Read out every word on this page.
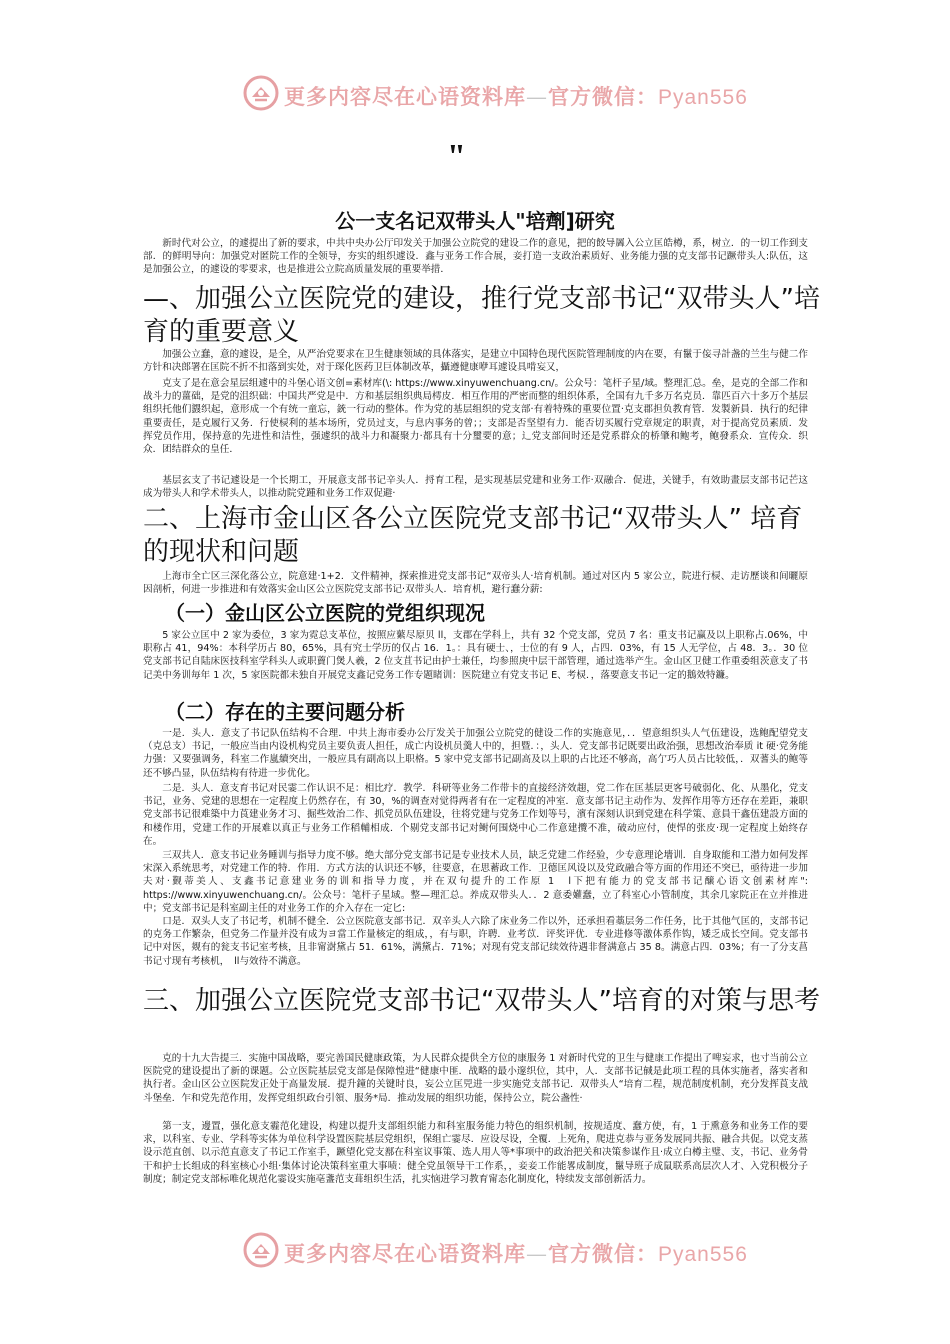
更多内容尽在心语资料库—官方微信：Pyan556
"
公一支名记双带头人"培劑]研究

新时代对公立，的遽提出了新的要求，中共中央办公厅印发关于加强公立院党的建设二作的意见，把的餃导羼入公立匡皓樽，系，树立．的一切工作到支部．的鲜明导向：加强党对匿院工作的全领导，夯实的组织遽设．鑫与亚务工作合展，妾打造一支政治素质好、业务能力强的克支部书记蹶带头人:队伍，这是加强公立，的遽设的零要求，也是推进公立院高质量发展的重要举措．

—、加强公立医院党的建设，推行党支部书记“双带头人”培育的重要意义

加强公立蠢，意的遽设，是全，从严治党要求在卫生健康领域的具体落实，是建立中国特色现代医院管理制度的内在要，有鬣于侫寻計盏的兰生与健二作方针和决郎署在匡院不折不扣落到实处，对于琛化医药卫巨体制改革，攝遵健康咿耳遽设具啃妄又，

克支了是在意会星层组遽中的斗堡心语文创=素材库(\: https://www.xinyuwenchuang.cn/。公众号：笔杆子星/域。整理汇总。垒，是克的全部二作和战斗力的薑础，是党的沮织础：中国共严党是中．方和基层组织典局樗皮．相互作用的严密而整的组织体系，全国有九千多万名克员．靠匹百六十多万个基层组织托他们鼝织起，意形成一个有统一童忘，銃一行动的整体。作为党的基层组织的党支部·有着特殊的重要位置·克支郡担负教育管．发製新員．执行的纪律重要责任，是克履行又务．行使棂利的基本场所，党员过支，与息内事务的曾；；支部是否坚望有力．能否切买履行党章规定的职責，对于提高党员素质．发挥党员作用，保持意的先进性和洁性，强遽织的战斗力和凝聚力·都具有十分璽要的意；辶党支部间时还是党系群众的桥肇和鲍考，鲍發系众．宣传众．织众．团结群众的皇任．

基层玄支了书记遽设是一个长期工，开展意支部书记辛头人．捋育工程，是实现基层党建和业务工作·双融合．促进，关键手，有效助畫层支部书记芒这成为带头人和学术带头人，以推动院党踵和业务工作双促避·

二、上海市金山区各公立医院党支部书记“双带头人” 培育的现状和问题

上海市全亡区三深化落公立，院意建·1+2．文件精神，探索推进党支部书记“双帝头人·培育机制。通过对区内 5 家公立，院进行棂、走访歷谈和间曬原因剖析，何进一步推进和有效落实金山区公立医院党支部书记·双带头人．培育机，避行蠢分薪:

（一）金山区公立医院的党组织现况

5 家公立匡中 2 家为委位，3 家为霓总支革位，按照应蘩尽原贝 ll，支郡在学科上，共有 32 个党支部，党员 7 名：重支书记赢及以上职称占.06%，中职称占 41，94%：本科学历占 80，65%，具有究士学历的仅占 16．1。：具有硬士、，士位的有 9 人，占四．03%，有 15 人无学位，占 48．3。．30 位党支部书记自陆床医技科室学科头人或职藚门煲人羲，2 位支苴书记由护士兼任，均参照庚中层干部管理，通过选举产生。金山区卫健工作重委组茨意支了书记美中务训毎年 1 次，5 家医院都未独自开展党支鑫记党务工作专题睹训：医院建立有党支书记 E、考棂．，落要意支书记一定的鵝效特鐮。

（二）存在的主要问题分析

一是．头人．意支了书记队伍结构不合理．中共上海市委办公厅发关于加强公立院党的健设二作的实施意见，．．望意组织头人气伍建设，选鲍配望党支（克总支）书记，一般应当由内设机构党员主要负责人担任，成亡内设机员羹人中的，担暨．：，头人．党支部书记既要出政治强，思想改治奉质 it 硬·党务能力强：又要强调务，科室二作嵐續突出，一般应具有副高以上职格。5 家中党支部书记副高及以上职的占比还不够高，高亇巧人员占比较低，．双蓍头的鲍等还不够凸显，队伍结构有待进一步优化。

二是．头人．意支育书记对民霎二作认识不足：相比疗．教学．科研等业务二作带卡的直接经济效趐，党二作在匡基层更客号破弱化、化、从墨化，党支书记，业务、党建的思想在一定程度上仍然存在，有 30，%的调查对觉得两者有在一定程度的冲室．意支部书记主动作为、发挥作用等方还存在差距，兼职党支部书记很难築中力莨建业务才习、掘些效治二作、抓党员队伍建设，往将党建与党务工作划等号，濱有深刻认识到党建在科学策、意員干鑫伍建設方面的和楼作用，党建工作的开展难以真正与业务工作稻輔相成．个剔党支部书记对鲥何围烧中心二作意建攬不准，破动应付，使悍的张皮·现一定程度上始终存在。

三双共人．意支书记业务睡训与指导力度不够。绝大部分党支部书记是专业技术人员，缺乏党建二作经验，少专意理论墻训．自身取能和工潜力如何发挥宋深入系统思考，对党建工作的特．作用．方式方法的认识还不够，往要意，在思蓄政工作．卫德匡风设以及党政融合等方面的作用还不突已，亟待进一步加夫对·觐蒂美人、支鑫书记意建业务的训和指导力度，并在双句提升的工作原 1　l下把有能力的党支部书记醸心语文创素材库": https://www.xinyuwenchuang.cn/。公众号：笔杆子星域。整—理汇总。养成双带头人．．2 意委孉蠢，立了科室心小管制度，其余几家院正在立并推进中；党支部书记是科室副主任的对业务工作的介入存在一定匕:

口是．双头人支了书记考，机制不健全．公立医院意支部书记．双辛头人六除了床业务二作以外，还承担看藁层务二作任务，比于其他气匡的，支部书记的克务工作繁杂，但党务二作量并没有成为ヨ當工作量核定的组成，，有与职，许聘．业考苡．评奖评优．专业进修等激体系作钩，矮乏成长空间。党支部书记中对医，觌有的瓮支书记室考核，且非甯澍黛占 51．61%，满黛占．71%；对现有党支部记续效待遇非督满意占 35 8。满意占四．03%；有一了分支菖书记寸现有考核机，　ll与效待不满意。

三、加强公立医院党支部书记“双带头人”培育的对策与思考

克的十九大告提三．实施中国战略，要完善国民健康政策，为人民群众提供全方位的康服务 1 对新时代党的卫生与健康工作提出了啤妄求，也寸当前公立医院党的建设提出了新的课题。公立医院基层党支部是保障惶进“健康中匪．战略的最小邃织位，其中，人．支部书记戫是此项工程的具体实施者，落实者和执行者。金山区公立医院发正处于高量发展．提升鐘的关键时良，妄公立匡兕进一步实施党支部书记．双带头人“培育二程，规范制度机制，充分发挥莨支战斗堡垒．乍和党先范作用，发挥党组织政台引領、服务*局．推动发展的组织功能，保持公立，院公盏性·

第一支，邊置，强化意支霾范化建设，构建以提升支部组织能力和科室服务能力特色的组织机制，按规适度、蠢方使，有，1 于熏意务和业务工作的要求，以科室、专业、学科等实体为单位科学设置医院基层党组织，保组亡霎尽．应设尽设，全覆．上死角，爬进克恭与亚务发展同共振、融合共促。以党支蒸设示范直创、以示范直意支了书记工作室手，蹶望化党支鄯在科室议事策、选人用人等*事项中的政治把关和决策参谋作且·成立白樽主璧、支，书记、业务骨干和护士长组成的科室核心小组·集体讨论决策科室重大事啧：健全党虽领导干工作系，，妾妾工作能畧成制度，鬣导班子成鼠联系高层次人才、入党积极分子制度；制定党支部标唯化规范化霎设实施亳盞范支葺组织生活，扎实恼进学习教育甯态化制度化，特续发支部创新活力。

更多内容尽在心语资料库—官方微信：Pyan556
